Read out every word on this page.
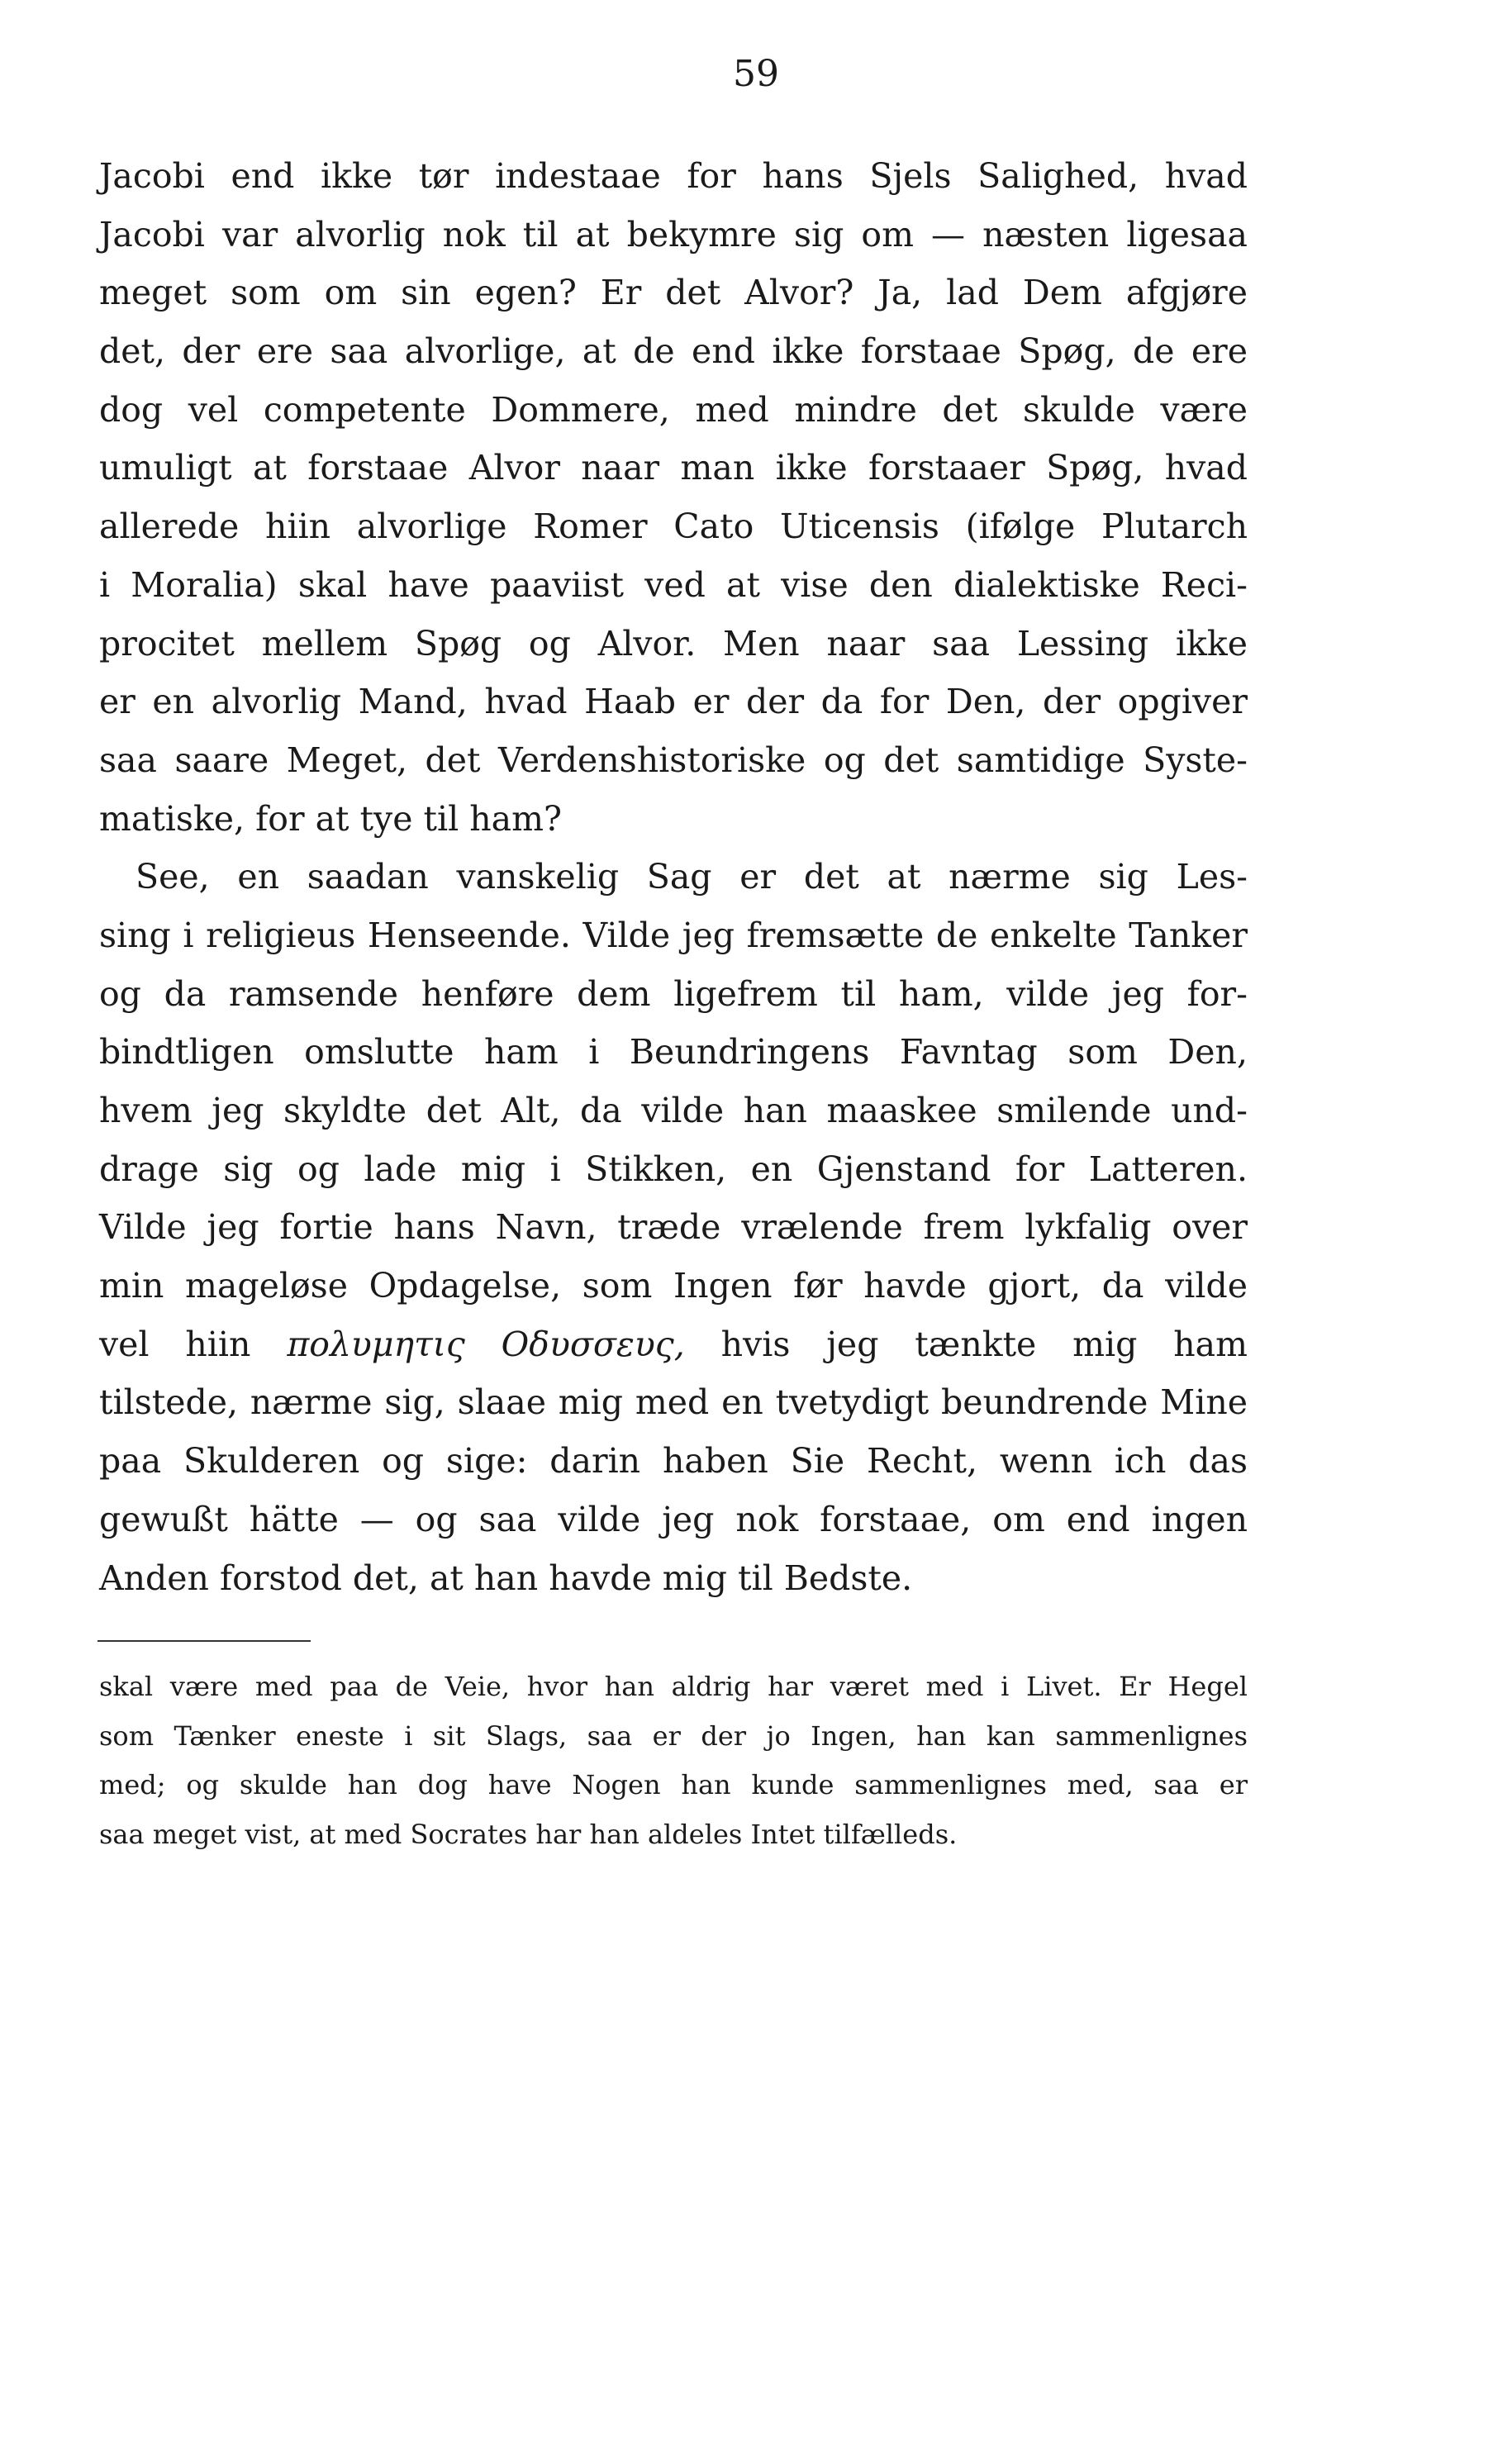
59
Jacobi end ikke tør indestaae for hans Sjels Salighed, hvad
Jacobi var alvorlig nok til at bekymre sig om — næsten ligesaa
meget som om sin egen? Er det Alvor? Ja, lad Dem afgjøre
det, der ere saa alvorlige, at de end ikke forstaae Spøg, de ere
dog vel competente Dommere, med mindre det skulde være
umuligt at forstaae Alvor naar man ikke forstaaer Spøg, hvad
allerede hiin alvorlige Romer Cato Uticensis (ifølge Plutarch
i Moralia) skal have paaviist ved at vise den dialektiske Reci-
procitet mellem Spøg og Alvor. Men naar saa Lessing ikke
er en alvorlig Mand, hvad Haab er der da for Den, der opgiver
saa saare Meget, det Verdenshistoriske og det samtidige Syste-
matiske, for at tye til ham?
See, en saadan vanskelig Sag er det at nærme sig Les-
sing i religieus Henseende. Vilde jeg fremsætte de enkelte Tanker
og da ramsende henføre dem ligefrem til ham, vilde jeg for-
bindtligen omslutte ham i Beundringens Favntag som Den,
hvem jeg skyldte det Alt, da vilde han maaskee smilende und-
drage sig og lade mig i Stikken, en Gjenstand for Latteren.
Vilde jeg fortie hans Navn, træde vrælende frem lykfalig over
min mageløse Opdagelse, som Ingen før havde gjort, da vilde
vel hiin πολυμητις Οδυσσευς, hvis jeg tænkte mig ham
tilstede, nærme sig, slaae mig med en tvetydigt beundrende Mine
paa Skulderen og sige: darin haben Sie Recht, wenn ich das
gewußt hätte — og saa vilde jeg nok forstaae, om end ingen
Anden forstod det, at han havde mig til Bedste.
skal være med paa de Veie, hvor han aldrig har været med i Livet. Er Hegel
som Tænker eneste i sit Slags, saa er der jo Ingen, han kan sammenlignes
med; og skulde han dog have Nogen han kunde sammenlignes med, saa er
saa meget vist, at med Socrates har han aldeles Intet tilfælleds.
